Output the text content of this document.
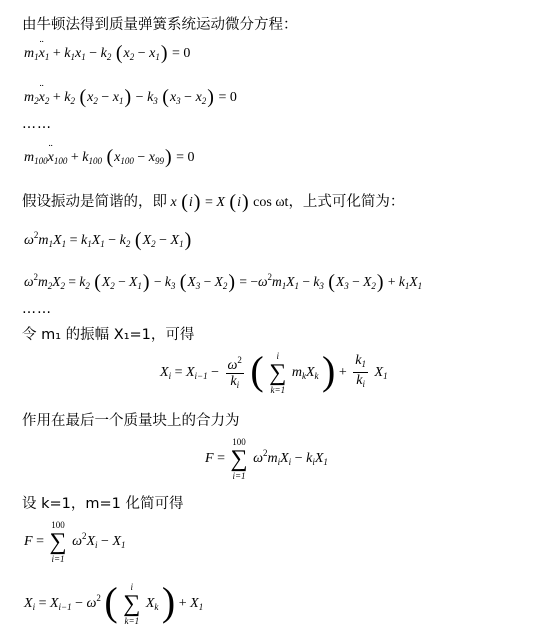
由牛顿法得到质量弹簧系统运动微分方程：
$m_1¨$ $x_1 + k_1x_1 - k_2$ $(x_2 - x_1) = 0$
$m_2¨$ $x_2 + k_2$ $(x_2 - x_1) - k_3$ $(x_3 - x_2) = 0$
……
$m_{100}¨$ $x_{100} + k_{100}$ $(x_{100} - x_{99}) = 0$
假设振动是简谐的，即 x (i) = X (i) cos ωt，上式可化简为：
$\omega^2m_1X_1 = k_1X_1 - k_2$ $(X_2 - X_1)$
$\omega^2m_2X_2 = k_2$ $(X_2 - X_1) - k_3$ $(X_3 - X_2) = -\omega^2m_1X_1 - k_3$ $(X_3 - X_2) + k_1X_1$
……
令 m₁ 的振幅 X₁=1，可得
$X_i = X_{i-1} - \frac{\omega^2}{k_i}$ (	i
∑
k=1
$m_kX_k$ ) + $\frac{k_1}{k_i} X_1$
作用在最后一个质量块上的合力为
F =
100
∑
i=1
$\omega^2m_iX_i - k_iX_1$
设 k=1，m=1 化简可得
F =
100
∑
i=1
$\omega^2X_i - X_1$
$X_i = X_{i-1} - \omega^2$ (	i
∑
k=1
$X_k$ ) + $X_1$
